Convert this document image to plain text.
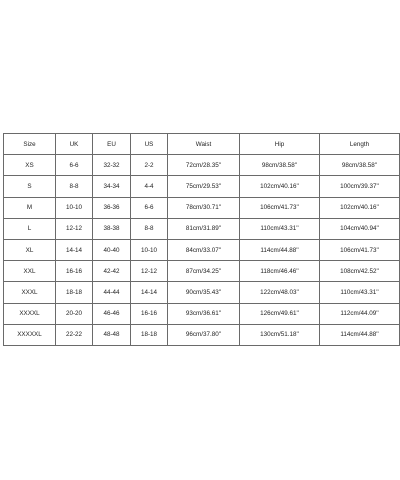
Size	UK	EU	US	Waist	Hip	Length
XS	6-6	32-32	2-2	72cm/28.35''	98cm/38.58''	98cm/38.58''
S	8-8	34-34	4-4	75cm/29.53''	102cm/40.16''	100cm/39.37''
M	10-10	36-36	6-6	78cm/30.71''	106cm/41.73''	102cm/40.16''
L	12-12	38-38	8-8	81cm/31.89''	110cm/43.31''	104cm/40.94''
XL	14-14	40-40	10-10	84cm/33.07''	114cm/44.88''	106cm/41.73''
XXL	16-16	42-42	12-12	87cm/34.25''	118cm/46.46''	108cm/42.52''
XXXL	18-18	44-44	14-14	90cm/35.43''	122cm/48.03''	110cm/43.31''
XXXXL	20-20	46-46	16-16	93cm/36.61''	126cm/49.61''	112cm/44.09''
XXXXXL	22-22	48-48	18-18	96cm/37.80''	130cm/51.18''	114cm/44.88''
